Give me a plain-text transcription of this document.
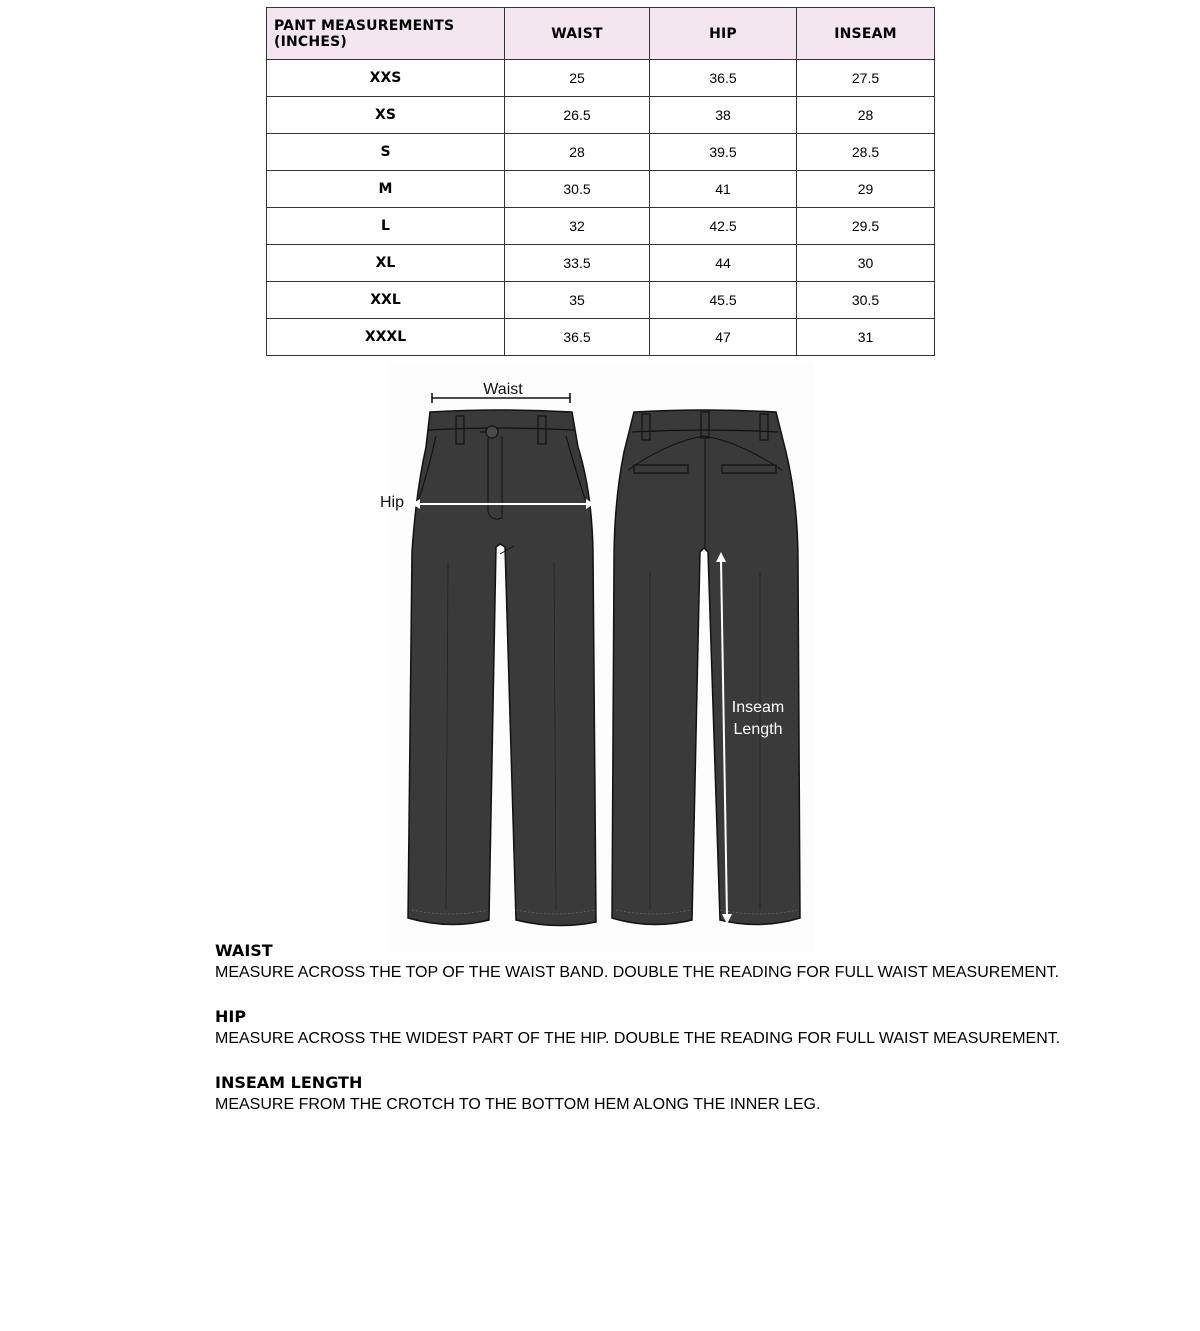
PANT MEASUREMENTS (INCHES)	WAIST	HIP	INSEAM
XXS	25	36.5	27.5
XS	26.5	38	28
S	28	39.5	28.5
M	30.5	41	29
L	32	42.5	29.5
XL	33.5	44	30
XXL	35	45.5	30.5
XXXL	36.5	47	31
Waist
Hip
Inseam
Length
WAIST
MEASURE ACROSS THE TOP OF THE WAIST BAND. DOUBLE THE READING FOR FULL WAIST MEASUREMENT.
HIP
MEASURE ACROSS THE WIDEST PART OF THE HIP. DOUBLE THE READING FOR FULL WAIST MEASUREMENT.
INSEAM LENGTH
MEASURE FROM THE CROTCH TO THE BOTTOM HEM ALONG THE INNER LEG.
